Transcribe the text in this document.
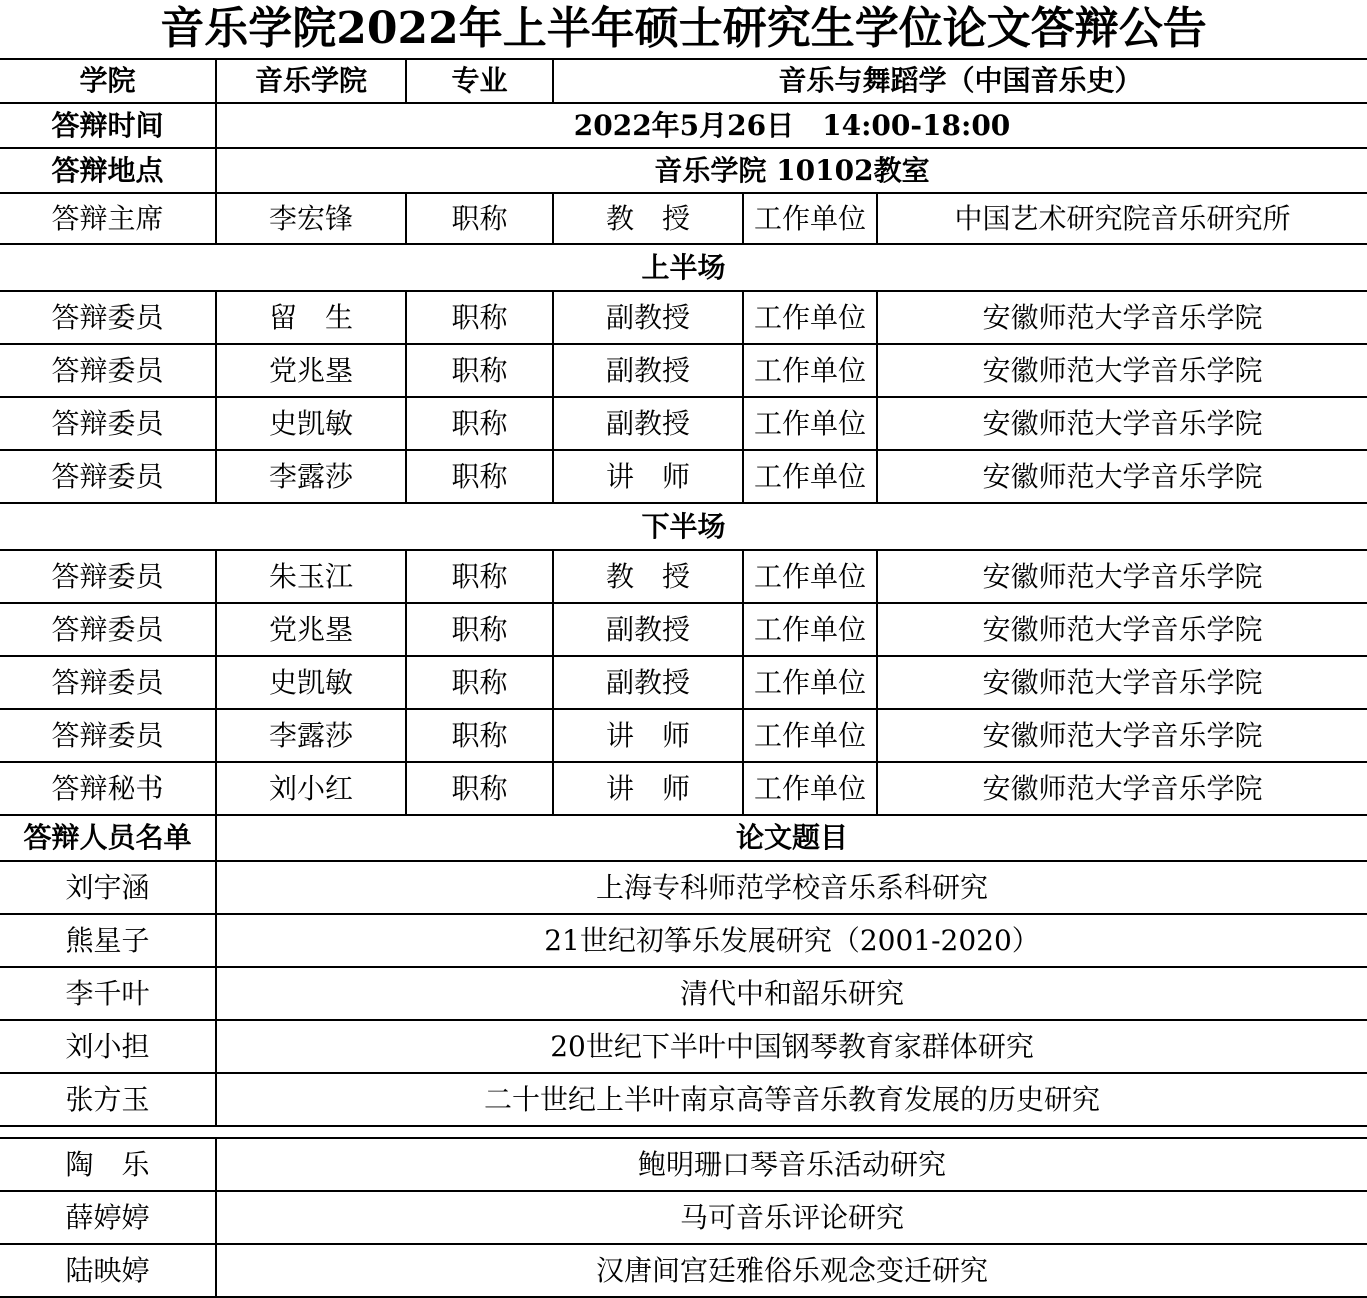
音乐学院2022年上半年硕士研究生学位论文答辩公告					
学院	音乐学院	专业	音乐与舞蹈学（中国音乐史）		
答辩时间	2022年5月26日　14:00-18:00				
答辩地点	音乐学院 10102教室				
答辩主席	李宏锋	职称	教　授	工作单位	中国艺术研究院音乐研究所
上半场					
答辩委员	留　生	职称	副教授	工作单位	安徽师范大学音乐学院
答辩委员	党兆塁	职称	副教授	工作单位	安徽师范大学音乐学院
答辩委员	史凯敏	职称	副教授	工作单位	安徽师范大学音乐学院
答辩委员	李露莎	职称	讲　师	工作单位	安徽师范大学音乐学院
下半场					
答辩委员	朱玉江	职称	教　授	工作单位	安徽师范大学音乐学院
答辩委员	党兆塁	职称	副教授	工作单位	安徽师范大学音乐学院
答辩委员	史凯敏	职称	副教授	工作单位	安徽师范大学音乐学院
答辩委员	李露莎	职称	讲　师	工作单位	安徽师范大学音乐学院
答辩秘书	刘小红	职称	讲　师	工作单位	安徽师范大学音乐学院
答辩人员名单	论文题目				
刘宇涵	上海专科师范学校音乐系科研究				
熊星子	21世纪初筝乐发展研究（2001-2020）				
李千叶	清代中和韶乐研究				
刘小担	20世纪下半叶中国钢琴教育家群体研究				
张方玉	二十世纪上半叶南京高等音乐教育发展的历史研究				

陶　乐	鲍明珊口琴音乐活动研究				
薛婷婷	马可音乐评论研究				
陆映婷	汉唐间宫廷雅俗乐观念变迁研究				
